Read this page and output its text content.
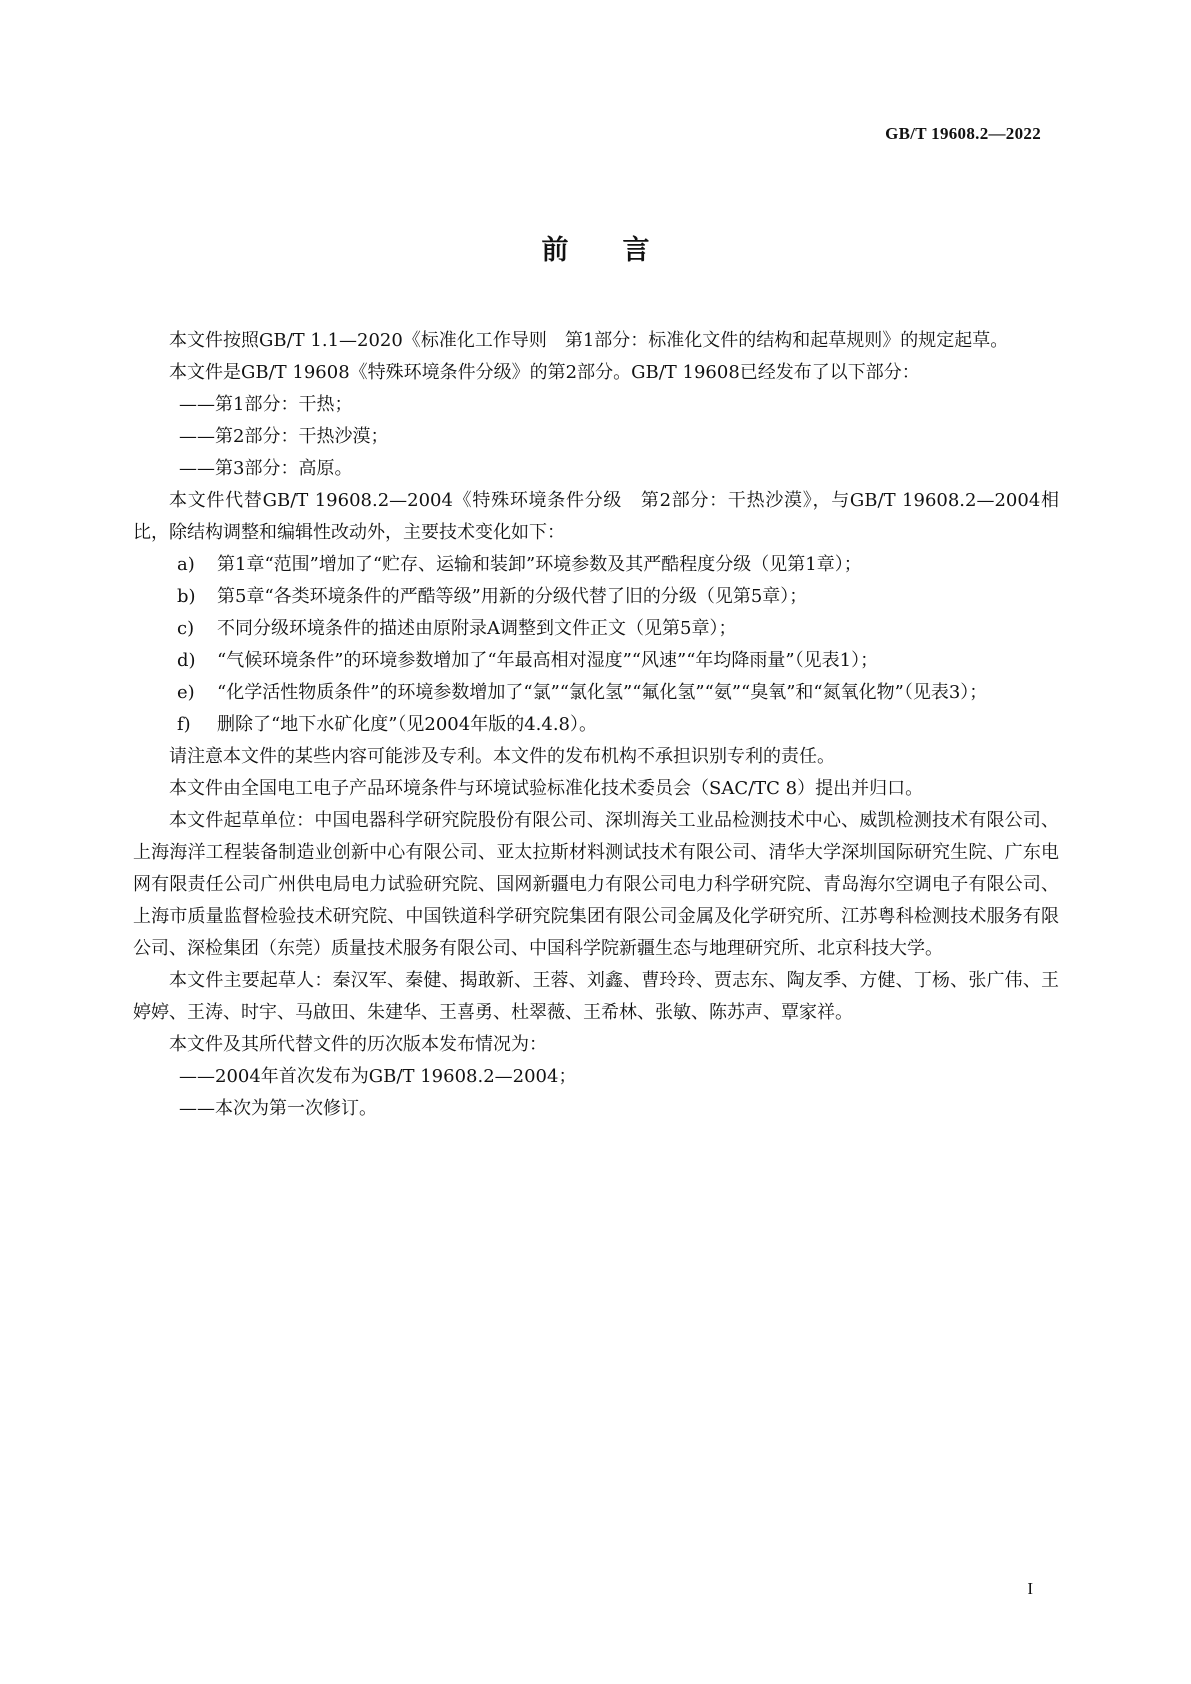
GB/T 19608.2—2022
前　　言

本文件按照GB/T 1.1—2020《标准化工作导则　第1部分：标准化文件的结构和起草规则》的规定起草。

本文件是GB/T 19608《特殊环境条件分级》的第2部分。GB/T 19608已经发布了以下部分：

——第1部分：干热；

——第2部分：干热沙漠；

——第3部分：高原。

本文件代替GB/T 19608.2—2004《特殊环境条件分级　第2部分：干热沙漠》，与GB/T 19608.2—2004相比，除结构调整和编辑性改动外，主要技术变化如下：

a)	第1章“范围”增加了“贮存、运输和装卸”环境参数及其严酷程度分级（见第1章）；
b)	第5章“各类环境条件的严酷等级”用新的分级代替了旧的分级（见第5章）；
c)	不同分级环境条件的描述由原附录A调整到文件正文（见第5章）；
d)	“气候环境条件”的环境参数增加了“年最高相对湿度”“风速”“年均降雨量”（见表1）；
e)	“化学活性物质条件”的环境参数增加了“氯”“氯化氢”“氟化氢”“氨”“臭氧”和“氮氧化物”（见表3）；
f)	删除了“地下水矿化度”（见2004年版的4.4.8）。

请注意本文件的某些内容可能涉及专利。本文件的发布机构不承担识别专利的责任。

本文件由全国电工电子产品环境条件与环境试验标准化技术委员会（SAC/TC 8）提出并归口。

本文件起草单位：中国电器科学研究院股份有限公司、深圳海关工业品检测技术中心、威凯检测技术有限公司、上海海洋工程装备制造业创新中心有限公司、亚太拉斯材料测试技术有限公司、清华大学深圳国际研究生院、广东电网有限责任公司广州供电局电力试验研究院、国网新疆电力有限公司电力科学研究院、青岛海尔空调电子有限公司、上海市质量监督检验技术研究院、中国铁道科学研究院集团有限公司金属及化学研究所、江苏粤科检测技术服务有限公司、深检集团（东莞）质量技术服务有限公司、中国科学院新疆生态与地理研究所、北京科技大学。

本文件主要起草人：秦汉军、秦健、揭敢新、王蓉、刘鑫、曹玲玲、贾志东、陶友季、方健、丁杨、张广伟、王婷婷、王涛、时宇、马啟田、朱建华、王喜勇、杜翠薇、王希林、张敏、陈苏声、覃家祥。

本文件及其所代替文件的历次版本发布情况为：

——2004年首次发布为GB/T 19608.2—2004；

——本次为第一次修订。

I
